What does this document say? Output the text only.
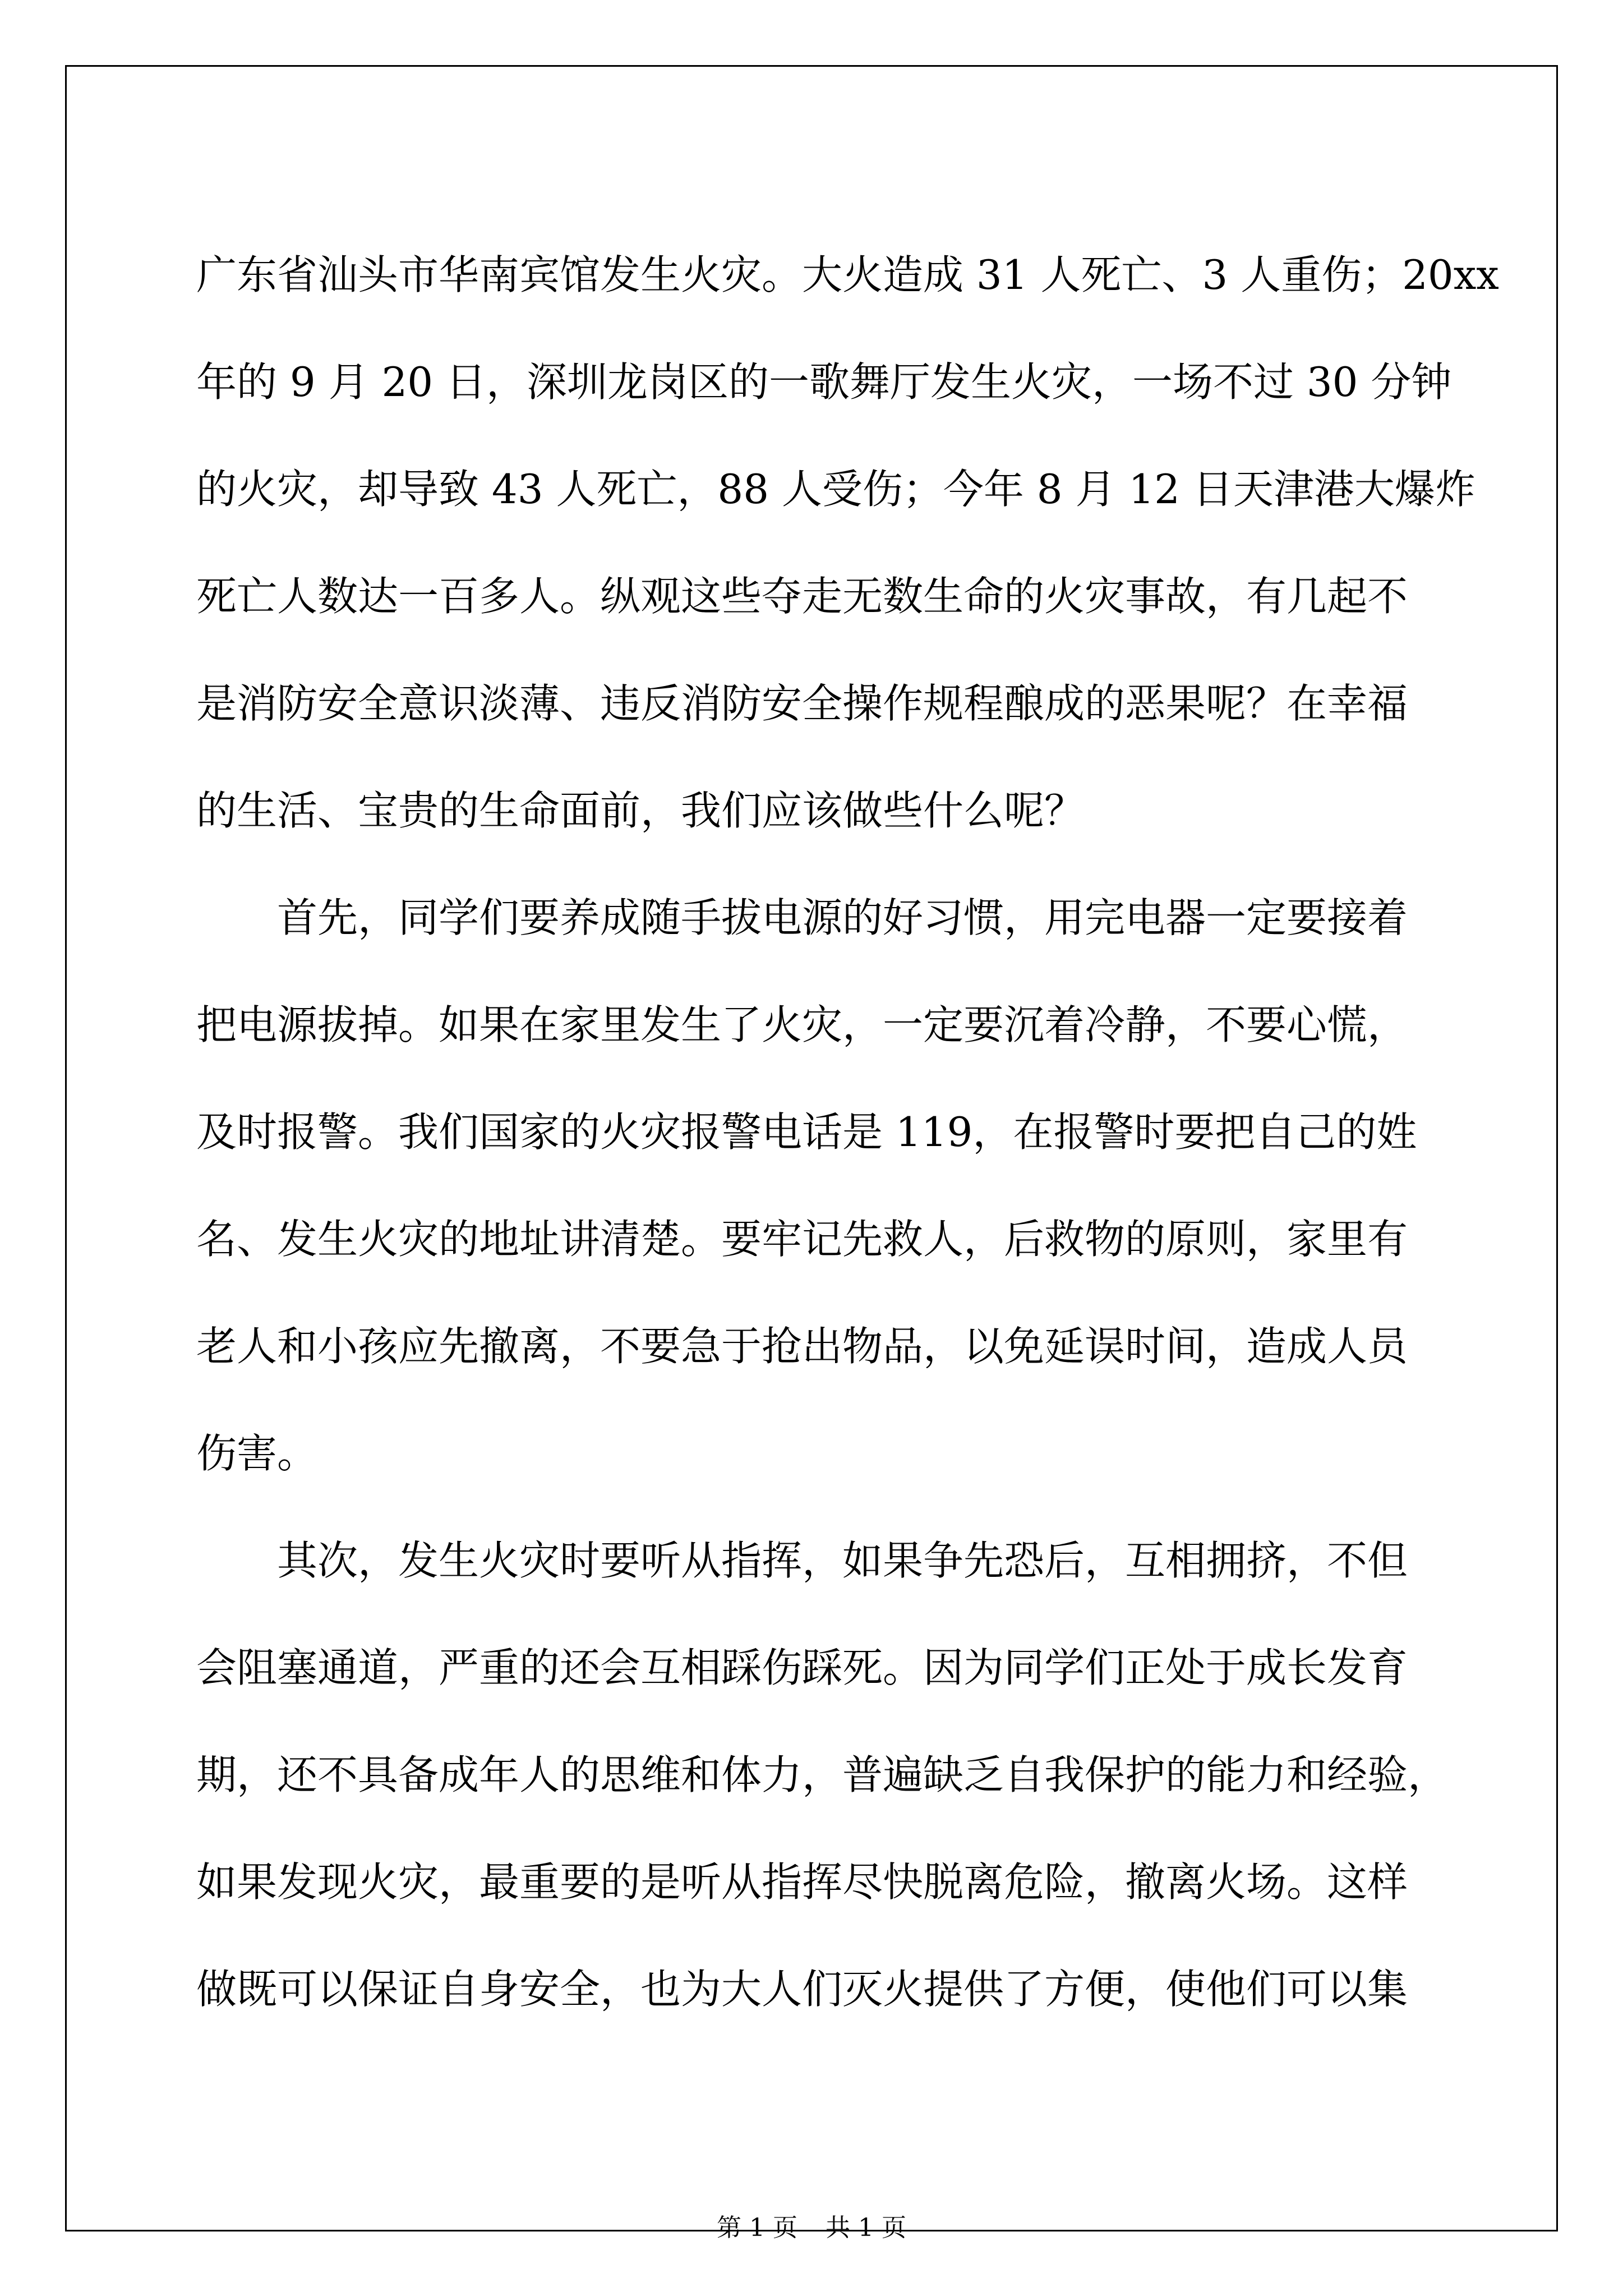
广东省汕头市华南宾馆发生火灾。大火造成 31 人死亡、3 人重伤；20xx
年的 9 月 20 日，深圳龙岗区的一歌舞厅发生火灾，一场不过 30 分钟
的火灾，却导致 43 人死亡，88 人受伤；今年 8 月 12 日天津港大爆炸
死亡人数达一百多人。纵观这些夺走无数生命的火灾事故，有几起不
是消防安全意识淡薄、违反消防安全操作规程酿成的恶果呢？在幸福
的生活、宝贵的生命面前，我们应该做些什么呢？
首先，同学们要养成随手拔电源的好习惯，用完电器一定要接着
把电源拔掉。如果在家里发生了火灾，一定要沉着冷静，不要心慌，
及时报警。我们国家的火灾报警电话是 119，在报警时要把自己的姓
名、发生火灾的地址讲清楚。要牢记先救人，后救物的原则，家里有
老人和小孩应先撤离，不要急于抢出物品，以免延误时间，造成人员
伤害。
其次，发生火灾时要听从指挥，如果争先恐后，互相拥挤，不但
会阻塞通道，严重的还会互相踩伤踩死。因为同学们正处于成长发育
期，还不具备成年人的思维和体力，普遍缺乏自我保护的能力和经验，
如果发现火灾，最重要的是听从指挥尽快脱离危险，撤离火场。这样
做既可以保证自身安全，也为大人们灭火提供了方便，使他们可以集
第 1 页 共 1 页
